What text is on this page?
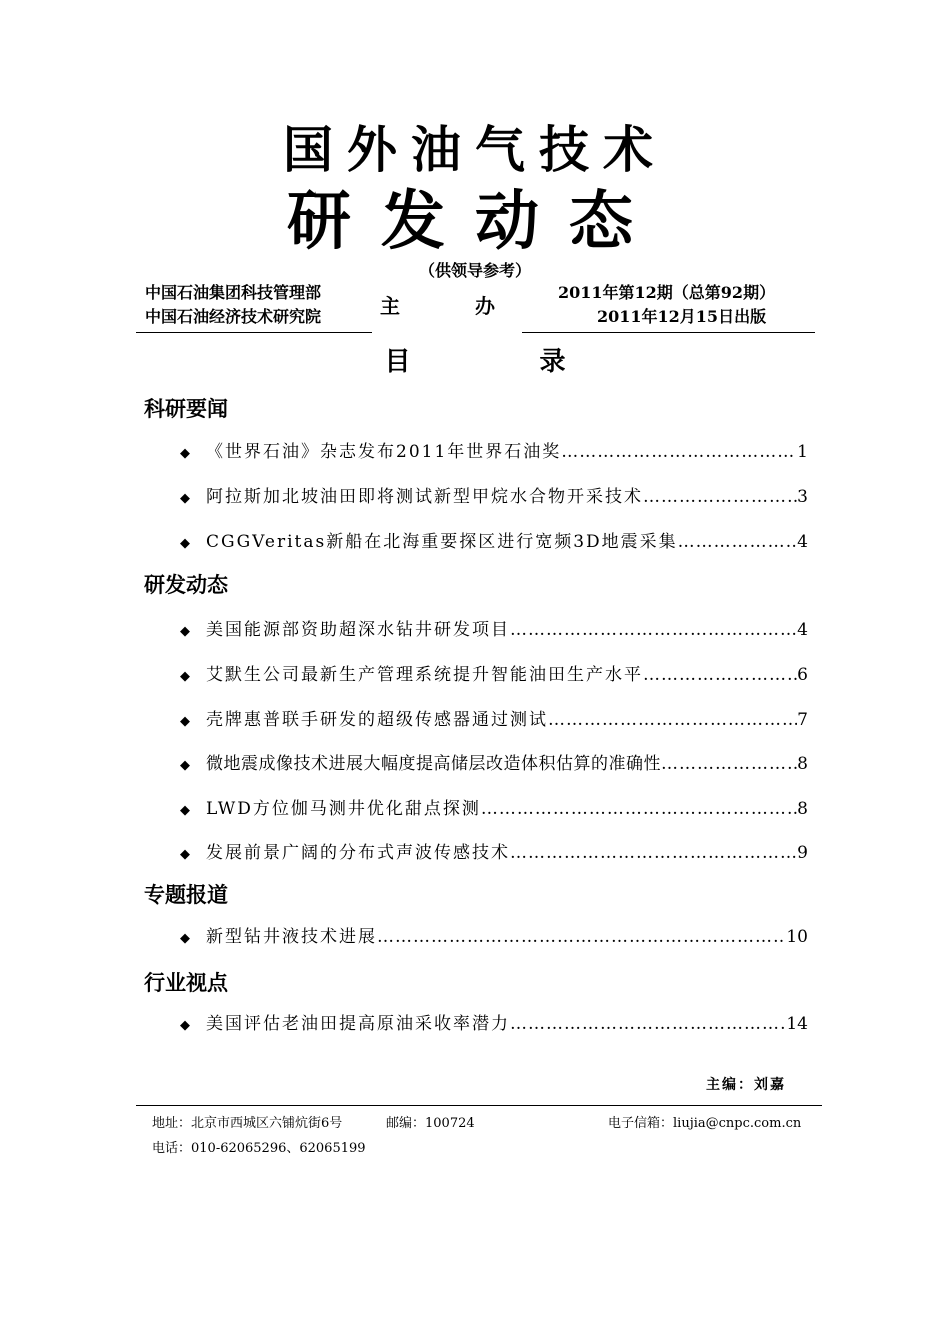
国外油气技术
研发动态
（供领导参考）
中国石油集团科技管理部
中国石油经济技术研究院	主 办
2011年第12期（总第92期）
2011年12月15日出版
目 录
科研要闻
◆ 《世界石油》杂志发布2011年世界石油奖 …………………………………………………………………………………………	1
◆ 阿拉斯加北坡油田即将测试新型甲烷水合物开采技术 …………………………………………………………………………………………	3
◆ CGGVeritas新船在北海重要探区进行宽频3D地震采集 …………………………………………………………………………………………	4
研发动态
◆ 美国能源部资助超深水钻井研发项目 …………………………………………………………………………………………	4
◆ 艾默生公司最新生产管理系统提升智能油田生产水平 …………………………………………………………………………………………	6
◆ 壳牌惠普联手研发的超级传感器通过测试 …………………………………………………………………………………………	7
◆ 微地震成像技术进展大幅度提高储层改造体积估算的准确性 …………………………………………………………………………………………	8
◆ LWD方位伽马测井优化甜点探测 …………………………………………………………………………………………	8
◆ 发展前景广阔的分布式声波传感技术 …………………………………………………………………………………………	9
专题报道
◆ 新型钻井液技术进展 …………………………………………………………………………………………	10
行业视点
◆ 美国评估老油田提高原油采收率潜力 …………………………………………………………………………………………	14
主编：刘嘉
地址：北京市西城区六铺炕街6号	邮编：100724	电子信箱：liujia@cnpc.com.cn
电话：010-62065296、62065199
